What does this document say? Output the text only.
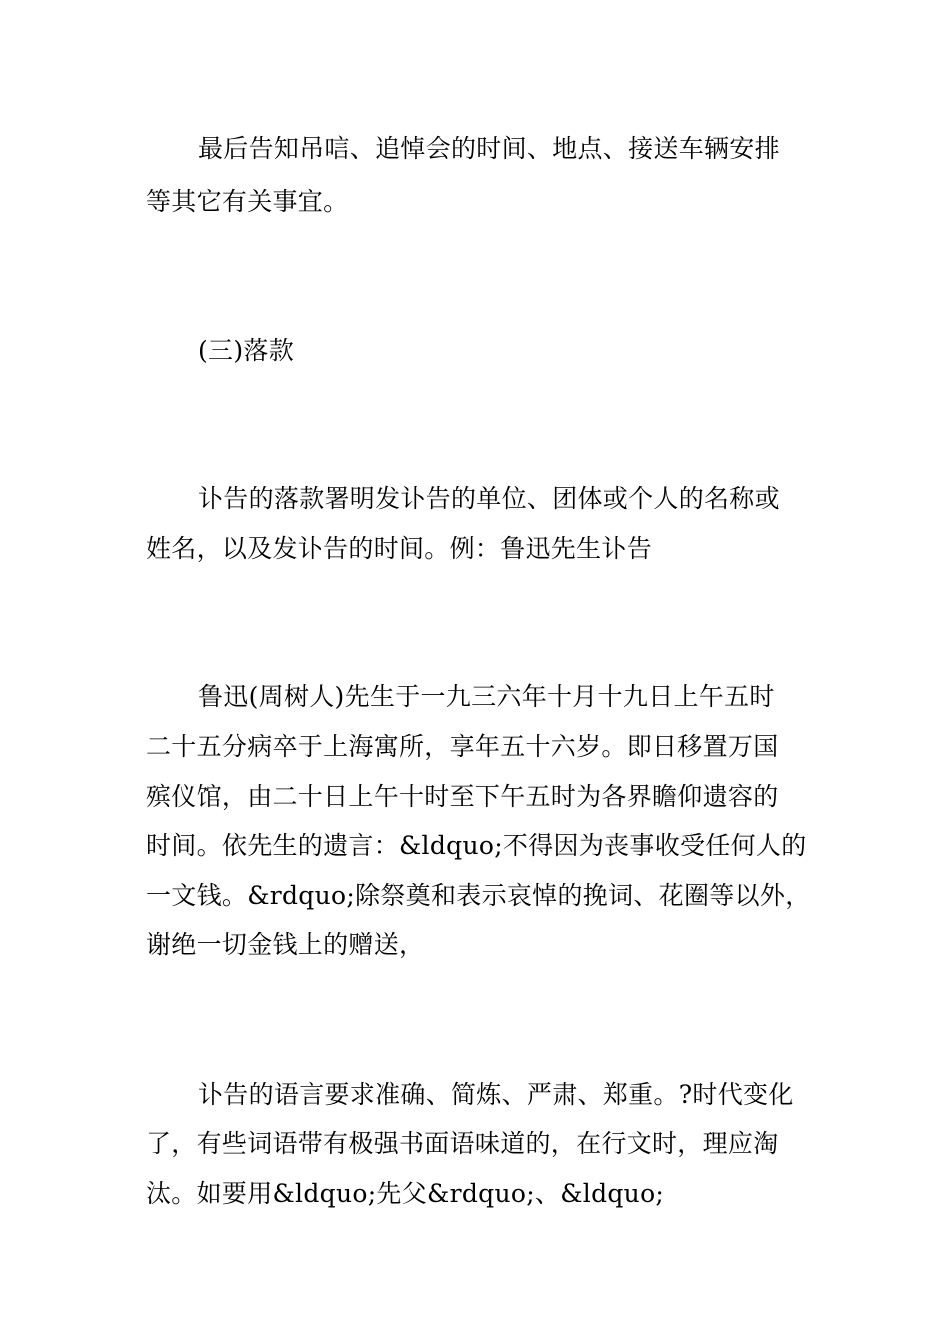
最后告知吊唁、追悼会的时间、地点、接送车辆安排
等其它有关事宜。
(三)落款
讣告的落款署明发讣告的单位、团体或个人的名称或
姓名，以及发讣告的时间。例：鲁迅先生讣告
鲁迅(周树人)先生于一九三六年十月十九日上午五时
二十五分病卒于上海寓所，享年五十六岁。即日移置万国
殡仪馆，由二十日上午十时至下午五时为各界瞻仰遗容的
时间。依先生的遗言：&ldquo;不得因为丧事收受任何人的
一文钱。&rdquo;除祭奠和表示哀悼的挽词、花圈等以外，
谢绝一切金钱上的赠送，
讣告的语言要求准确、简炼、严肃、郑重。?时代变化
了，有些词语带有极强书面语味道的，在行文时，理应淘
汰。如要用&ldquo;先父&rdquo;、&ldquo;
